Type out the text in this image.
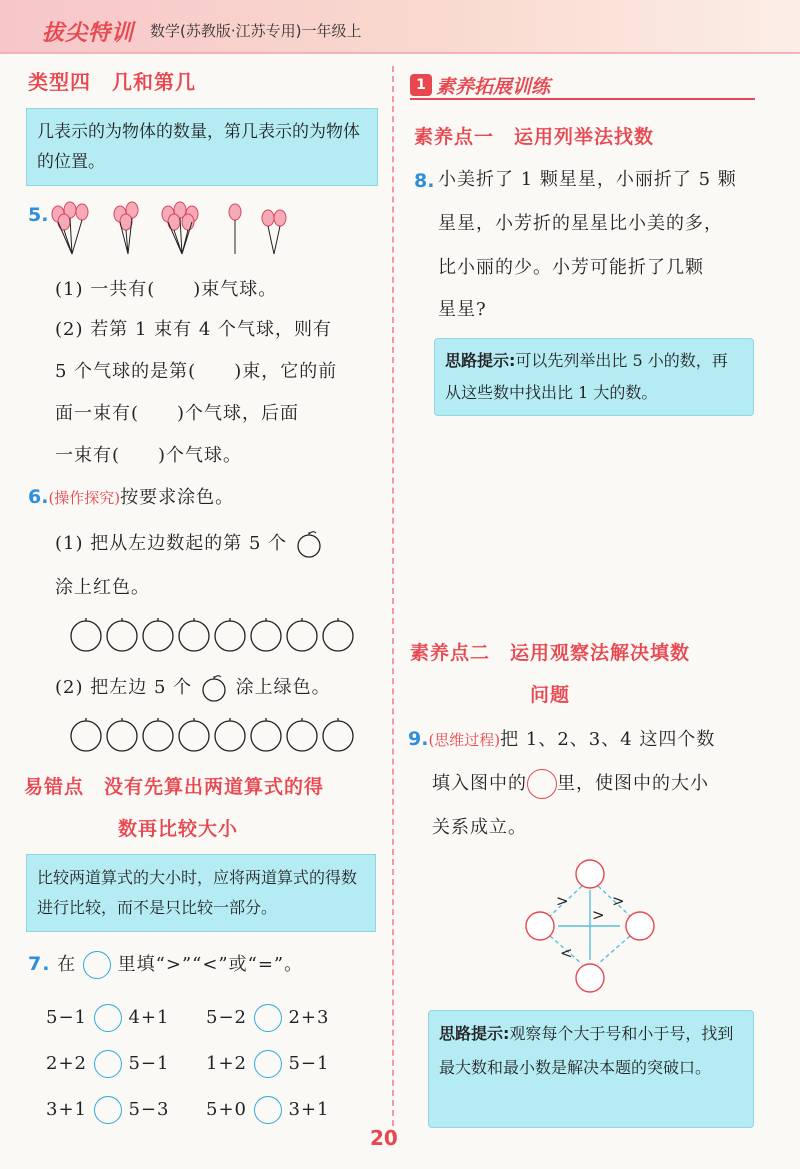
拔尖特训 数学(苏教版·江苏专用)一年级上
类型四　几和第几
几表示的为物体的数量，第几表示的为物体的位置。
5.
(1) 一共有(　　)束气球。
(2) 若第 1 束有 4 个气球，则有
5 个气球的是第(　　)束，它的前
面一束有(　　)个气球，后面
一束有(　　)个气球。
6.(操作探究)按要求涂色。
(1) 把从左边数起的第 5 个
涂上红色。
(2) 把左边 5 个 涂上绿色。
易错点　没有先算出两道算式的得
数再比较大小
比较两道算式的大小时，应将两道算式的得数进行比较，而不是只比较一部分。
7. 在 里填“>”“<”或“=”。
5−1 4+1 5−2 2+3
2+2 5−1 1+2 5−1
3+1 5−3 5+0 3+1
1 素养拓展训练
素养点一　运用列举法找数
8. 小美折了 1 颗星星，小丽折了 5 颗
星星，小芳折的星星比小美的多，
比小丽的少。小芳可能折了几颗
星星?
思路提示:可以先列举出比 5 小的数，再从这些数中找出比 1 大的数。
素养点二　运用观察法解决填数
问题
9.(思维过程)把 1、2、3、4 这四个数
填入图中的 里，使图中的大小
关系成立。
>	>
<
>
思路提示:观察每个大于号和小于号，找到最大数和最小数是解决本题的突破口。
20
